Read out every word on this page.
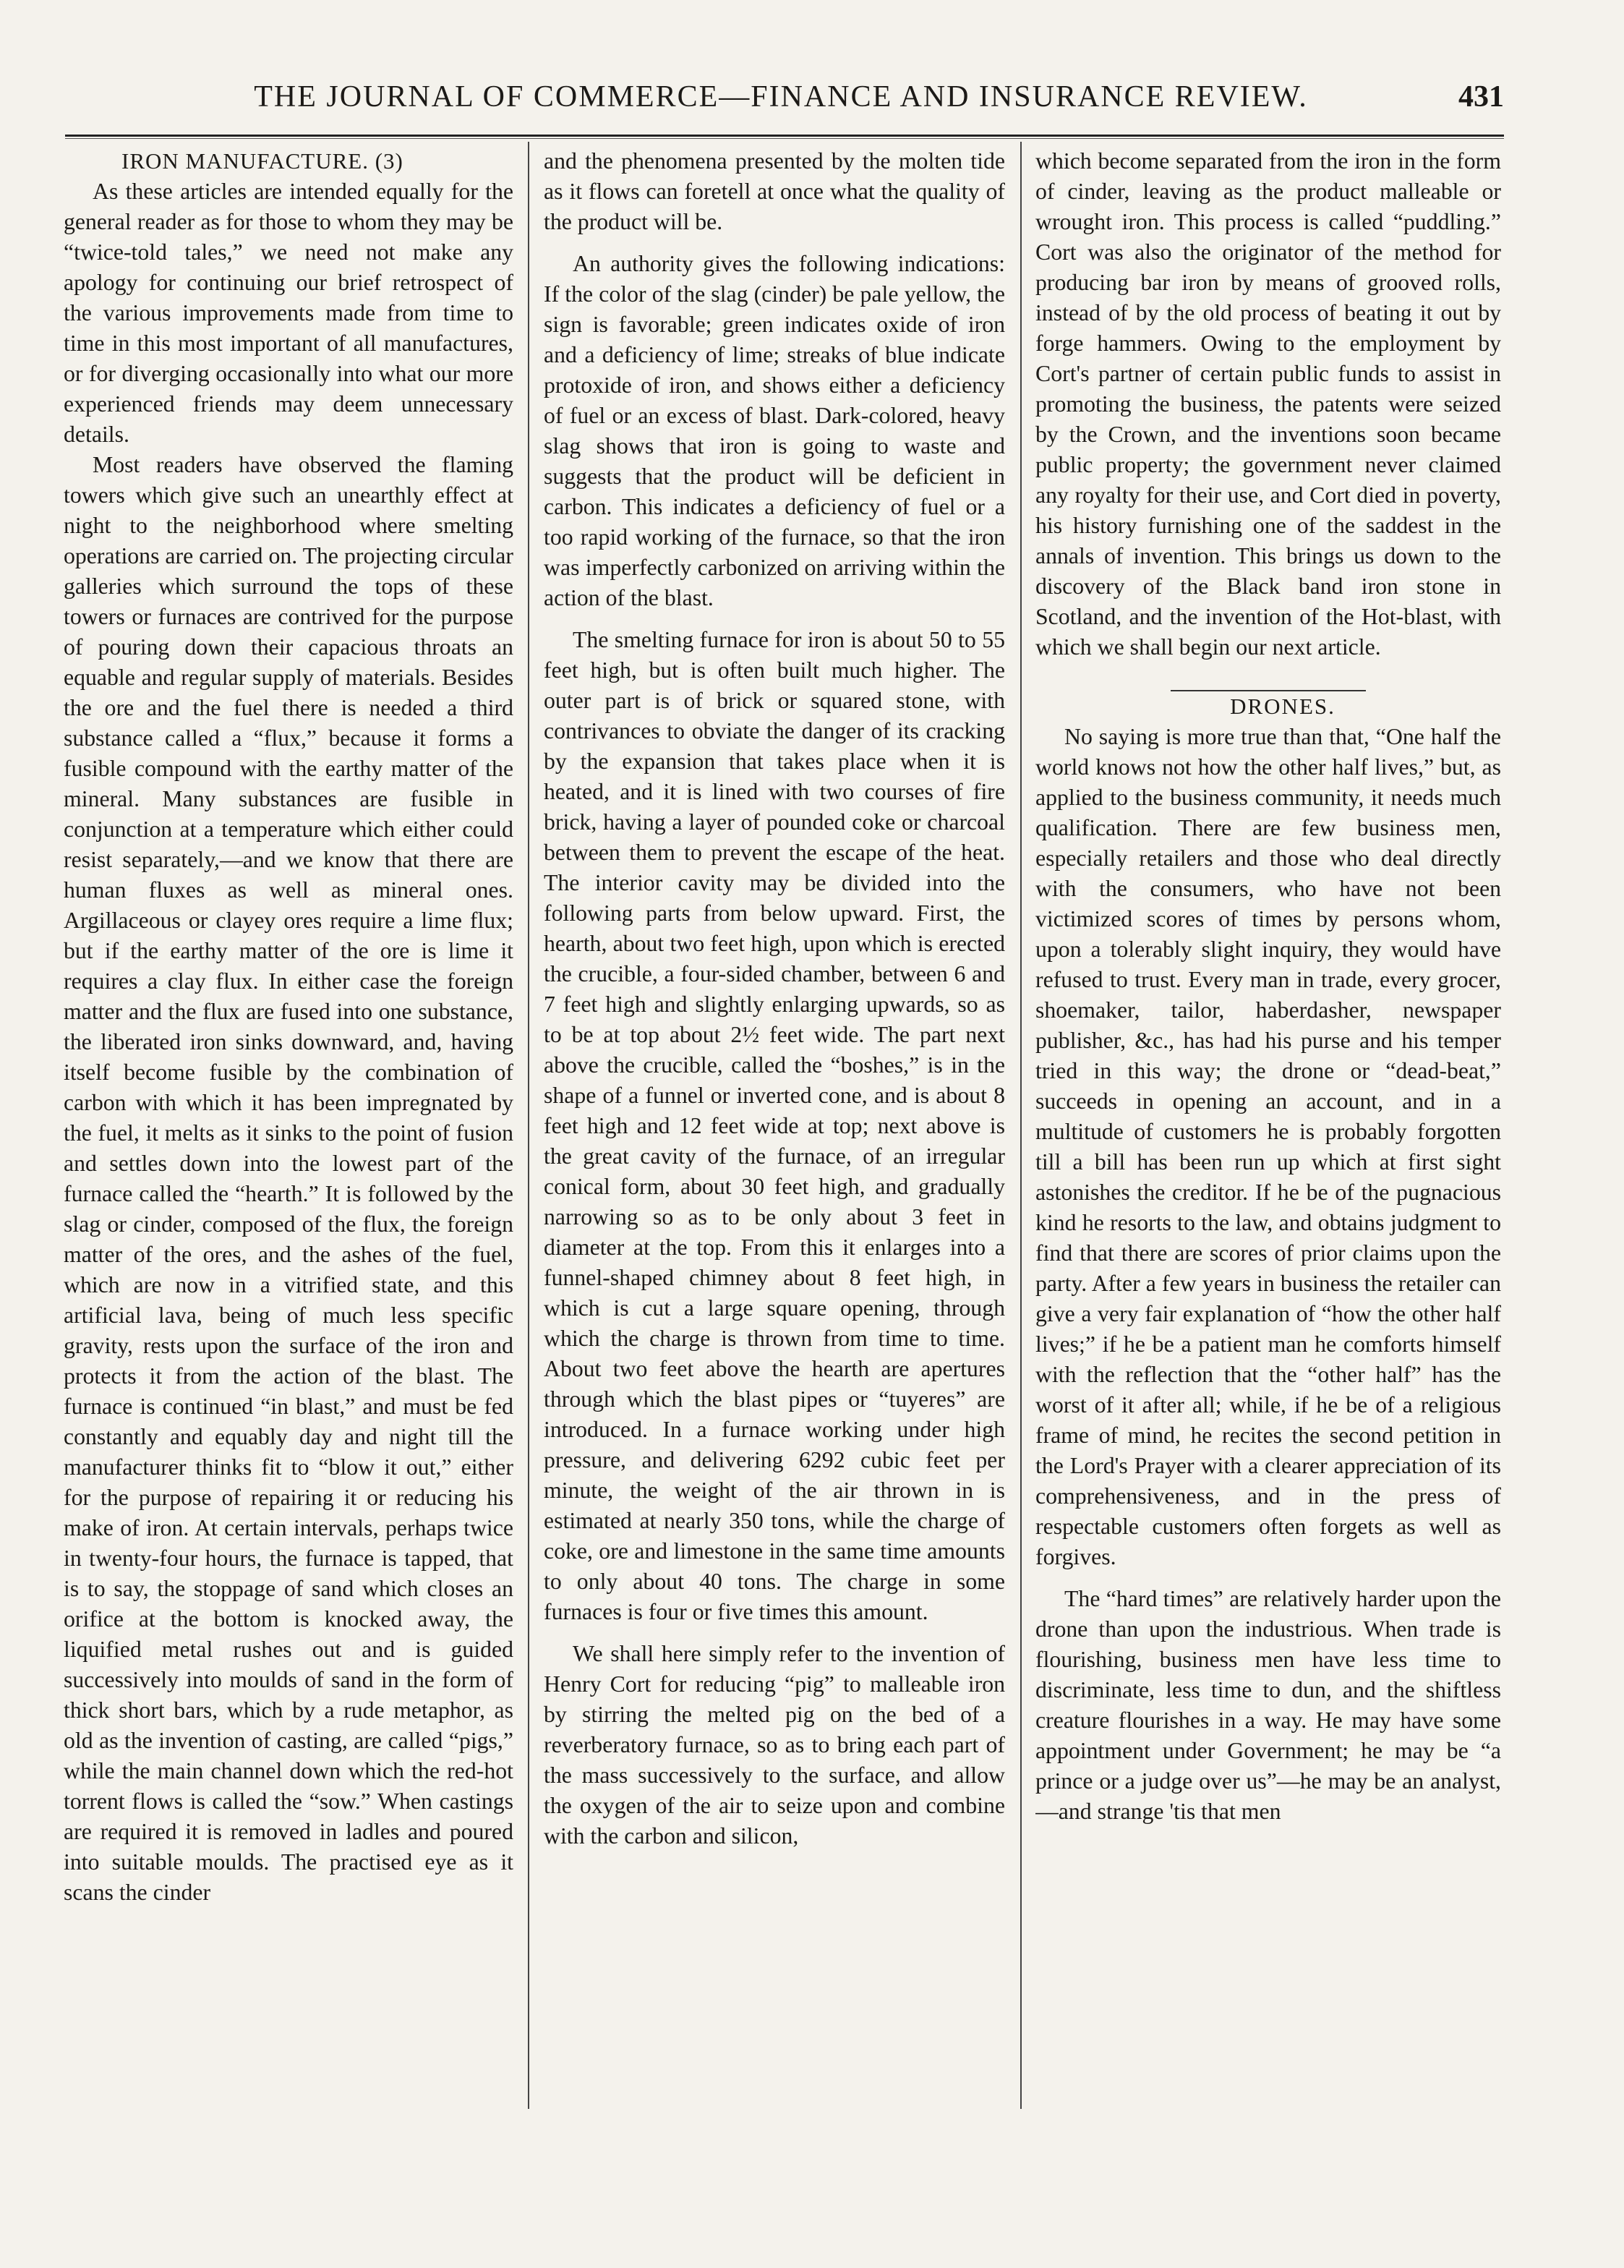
THE JOURNAL OF COMMERCE—FINANCE AND INSURANCE REVIEW.	431

IRON MANUFACTURE. (3)

As these articles are intended equally for the general reader as for those to whom they may be “twice-told tales,” we need not make any apology for continuing our brief retrospect of the various improvements made from time to time in this most important of all manufactures, or for diverging occasionally into what our more experienced friends may deem unnecessary details.

Most readers have observed the flaming towers which give such an unearthly effect at night to the neighborhood where smelting operations are carried on. The projecting circular galleries which surround the tops of these towers or furnaces are contrived for the purpose of pouring down their capacious throats an equable and regular supply of materials. Besides the ore and the fuel there is needed a third substance called a “flux,” because it forms a fusible compound with the earthy matter of the mineral. Many substances are fusible in conjunction at a temperature which either could resist separately,—and we know that there are human fluxes as well as mineral ones. Argillaceous or clayey ores require a lime flux; but if the earthy matter of the ore is lime it requires a clay flux. In either case the foreign matter and the flux are fused into one substance, the liberated iron sinks downward, and, having itself become fusible by the combination of carbon with which it has been impregnated by the fuel, it melts as it sinks to the point of fusion and settles down into the lowest part of the furnace called the “hearth.” It is followed by the slag or cinder, composed of the flux, the foreign matter of the ores, and the ashes of the fuel, which are now in a vitrified state, and this artificial lava, being of much less specific gravity, rests upon the surface of the iron and protects it from the action of the blast. The furnace is continued “in blast,” and must be fed constantly and equably day and night till the manufacturer thinks fit to “blow it out,” either for the purpose of repairing it or reducing his make of iron. At certain intervals, perhaps twice in twenty-four hours, the furnace is tapped, that is to say, the stoppage of sand which closes an orifice at the bottom is knocked away, the liquified metal rushes out and is guided successively into moulds of sand in the form of thick short bars, which by a rude metaphor, as old as the invention of casting, are called “pigs,” while the main channel down which the red-hot torrent flows is called the “sow.” When castings are required it is removed in ladles and poured into suitable moulds. The practised eye as it scans the cinder

and the phenomena presented by the molten tide as it flows can foretell at once what the quality of the product will be.

An authority gives the following indications: If the color of the slag (cinder) be pale yellow, the sign is favorable; green indicates oxide of iron and a deficiency of lime; streaks of blue indicate protoxide of iron, and shows either a deficiency of fuel or an excess of blast. Dark-colored, heavy slag shows that iron is going to waste and suggests that the product will be deficient in carbon. This indicates a deficiency of fuel or a too rapid working of the furnace, so that the iron was imperfectly carbonized on arriving within the action of the blast.

The smelting furnace for iron is about 50 to 55 feet high, but is often built much higher. The outer part is of brick or squared stone, with contrivances to obviate the danger of its cracking by the expansion that takes place when it is heated, and it is lined with two courses of fire brick, having a layer of pounded coke or charcoal between them to prevent the escape of the heat. The interior cavity may be divided into the following parts from below upward. First, the hearth, about two feet high, upon which is erected the crucible, a four-sided chamber, between 6 and 7 feet high and slightly enlarging upwards, so as to be at top about 2½ feet wide. The part next above the crucible, called the “boshes,” is in the shape of a funnel or inverted cone, and is about 8 feet high and 12 feet wide at top; next above is the great cavity of the furnace, of an irregular conical form, about 30 feet high, and gradually narrowing so as to be only about 3 feet in diameter at the top. From this it enlarges into a funnel-shaped chimney about 8 feet high, in which is cut a large square opening, through which the charge is thrown from time to time. About two feet above the hearth are apertures through which the blast pipes or “tuyeres” are introduced. In a furnace working under high pressure, and delivering 6292 cubic feet per minute, the weight of the air thrown in is estimated at nearly 350 tons, while the charge of coke, ore and limestone in the same time amounts to only about 40 tons. The charge in some furnaces is four or five times this amount.

We shall here simply refer to the invention of Henry Cort for reducing “pig” to malleable iron by stirring the melted pig on the bed of a reverberatory furnace, so as to bring each part of the mass successively to the surface, and allow the oxygen of the air to seize upon and combine with the carbon and silicon,

which become separated from the iron in the form of cinder, leaving as the product malleable or wrought iron. This process is called “puddling.” Cort was also the originator of the method for producing bar iron by means of grooved rolls, instead of by the old process of beating it out by forge hammers. Owing to the employment by Cort's partner of certain public funds to assist in promoting the business, the patents were seized by the Crown, and the inventions soon became public property; the government never claimed any royalty for their use, and Cort died in poverty, his history furnishing one of the saddest in the annals of invention. This brings us down to the discovery of the Black band iron stone in Scotland, and the invention of the Hot-blast, with which we shall begin our next article.

DRONES.

No saying is more true than that, “One half the world knows not how the other half lives,” but, as applied to the business community, it needs much qualification. There are few business men, especially retailers and those who deal directly with the consumers, who have not been victimized scores of times by persons whom, upon a tolerably slight inquiry, they would have refused to trust. Every man in trade, every grocer, shoemaker, tailor, haberdasher, newspaper publisher, &c., has had his purse and his temper tried in this way; the drone or “dead-beat,” succeeds in opening an account, and in a multitude of customers he is probably forgotten till a bill has been run up which at first sight astonishes the creditor. If he be of the pugnacious kind he resorts to the law, and obtains judgment to find that there are scores of prior claims upon the party. After a few years in business the retailer can give a very fair explanation of “how the other half lives;” if he be a patient man he comforts himself with the reflection that the “other half” has the worst of it after all; while, if he be of a religious frame of mind, he recites the second petition in the Lord's Prayer with a clearer appreciation of its comprehensiveness, and in the press of respectable customers often forgets as well as forgives.

The “hard times” are relatively harder upon the drone than upon the industrious. When trade is flourishing, business men have less time to discriminate, less time to dun, and the shiftless creature flourishes in a way. He may have some appointment under Government; he may be “a prince or a judge over us”—he may be an analyst,—and strange 'tis that men
